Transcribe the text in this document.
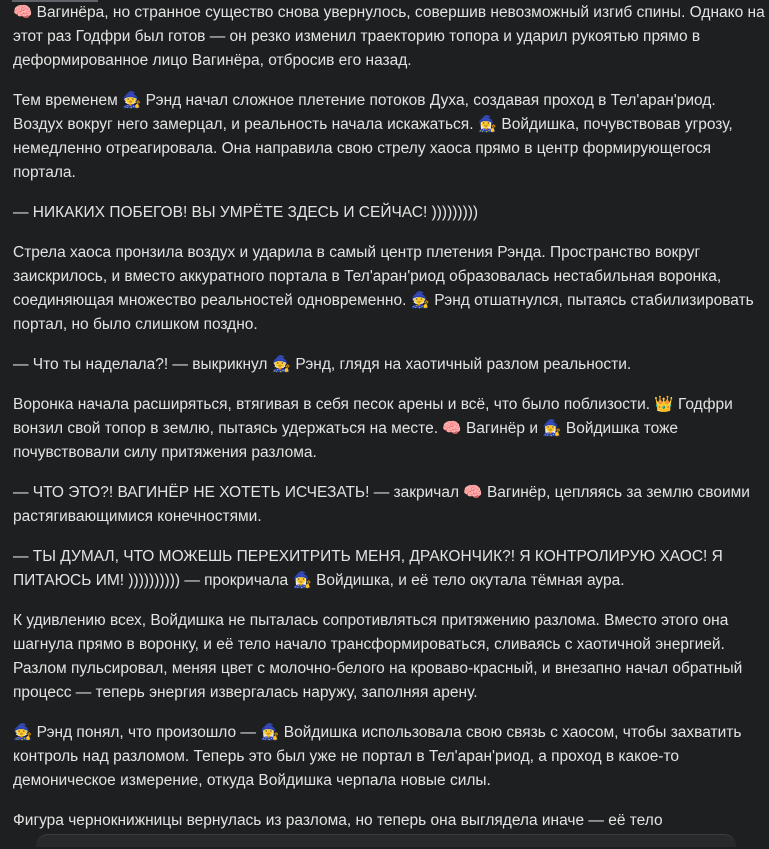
🧠 Вагинёра, но странное существо снова увернулось, совершив невозможный изгиб спины. Однако на этот раз Годфри был готов — он резко изменил траекторию топора и ударил рукоятью прямо в деформированное лицо Вагинёра, отбросив его назад.

Тем временем 🧙 Рэнд начал сложное плетение потоков Духа, создавая проход в Тел'аран'риод. Воздух вокруг него замерцал, и реальность начала искажаться. 🧙‍♀️ Войдишка, почувствовав угрозу, немедленно отреагировала. Она направила свою стрелу хаоса прямо в центр формирующегося портала.

— НИКАКИХ ПОБЕГОВ! ВЫ УМРЁТЕ ЗДЕСЬ И СЕЙЧАС! )))))))))

Стрела хаоса пронзила воздух и ударила в самый центр плетения Рэнда. Пространство вокруг заискрилось, и вместо аккуратного портала в Тел'аран'риод образовалась нестабильная воронка, соединяющая множество реальностей одновременно. 🧙 Рэнд отшатнулся, пытаясь стабилизировать портал, но было слишком поздно.

— Что ты наделала?! — выкрикнул 🧙 Рэнд, глядя на хаотичный разлом реальности.

Воронка начала расширяться, втягивая в себя песок арены и всё, что было поблизости. 👑 Годфри вонзил свой топор в землю, пытаясь удержаться на месте. 🧠 Вагинёр и 🧙‍♀️ Войдишка тоже почувствовали силу притяжения разлома.

— ЧТО ЭТО?! ВАГИНЁР НЕ ХОТЕТЬ ИСЧЕЗАТЬ! — закричал 🧠 Вагинёр, цепляясь за землю своими растягивающимися конечностями.

— ТЫ ДУМАЛ, ЧТО МОЖЕШЬ ПЕРЕХИТРИТЬ МЕНЯ, ДРАКОНЧИК?! Я КОНТРОЛИРУЮ ХАОС! Я ПИТАЮСЬ ИМ! )))))))))) — прокричала 🧙‍♀️ Войдишка, и её тело окутала тёмная аура.

К удивлению всех, Войдишка не пыталась сопротивляться притяжению разлома. Вместо этого она шагнула прямо в воронку, и её тело начало трансформироваться, сливаясь с хаотичной энергией. Разлом пульсировал, меняя цвет с молочно-белого на кроваво-красный, и внезапно начал обратный процесс — теперь энергия извергалась наружу, заполняя арену.

🧙 Рэнд понял, что произошло — 🧙‍♀️ Войдишка использовала свою связь с хаосом, чтобы захватить контроль над разломом. Теперь это был уже не портал в Тел'аран'риод, а проход в какое-то демоническое измерение, откуда Войдишка черпала новые силы.

Фигура чернокнижницы вернулась из разлома, но теперь она выглядела иначе — её тело
